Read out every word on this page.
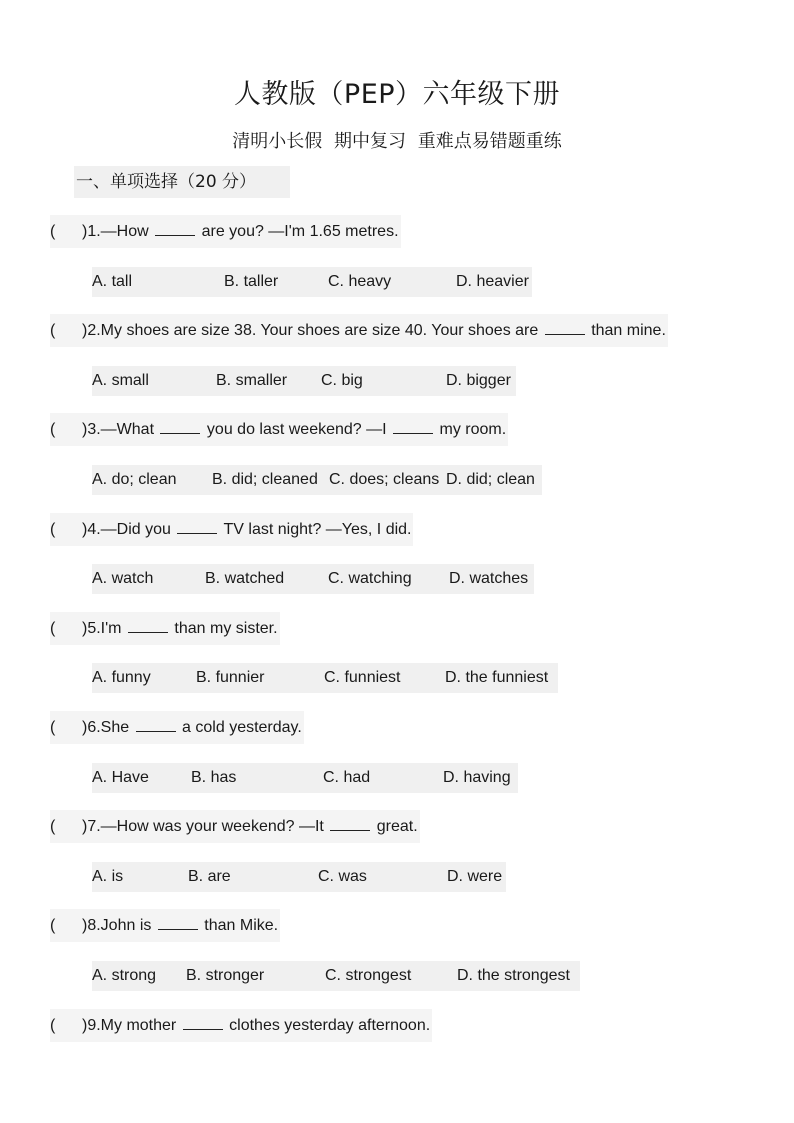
人教版（PEP）六年级下册
清明小长假 期中复习 重难点易错题重练
一、单项选择（20 分）
(      )1.—How	are you? —I'm 1.65 metres.
A. tall	B. taller	C. heavy	D. heavier
(      )2.My shoes are size 38. Your shoes are size 40. Your shoes are	than mine.
A. small	B. smaller C. big	D. bigger
(      )3.—What	you do last weekend? —I	my room.
A. do; clean B. did; cleaned C. does; cleans D. did; clean
(      )4.—Did you	TV last night? —Yes, I did.
A. watch	B. watched	C. watching D. watches
(      )5.I'm	than my sister.
A. funny	B. funnier	C. funniest	D. the funniest
(      )6.She	a cold yesterday.
A. Have	B. has	C. had	D. having
(      )7.—How was your weekend? —It	great.
A. is	B. are	C. was	D. were
(      )8.John is	than Mike.
A. strong B. stronger	C. strongest	D. the strongest
(      )9.My mother	clothes yesterday afternoon.
